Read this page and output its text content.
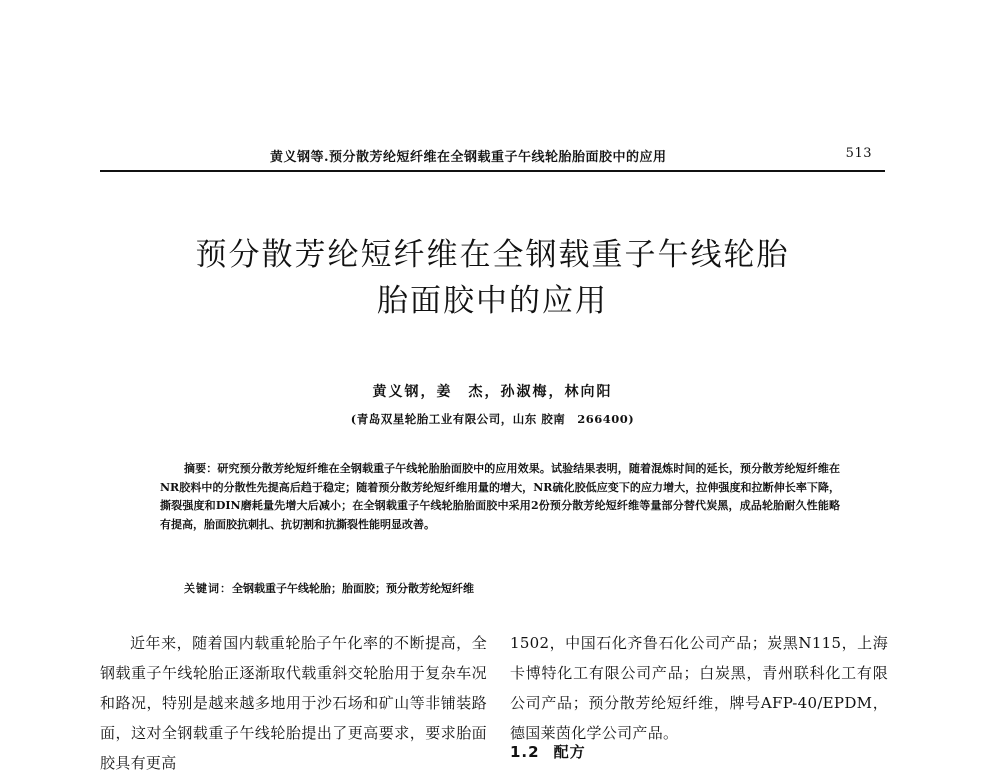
黄义钢等.预分散芳纶短纤维在全钢载重子午线轮胎胎面胶中的应用	513
预分散芳纶短纤维在全钢载重子午线轮胎
胎面胶中的应用
黄义钢，姜　杰，孙淑梅，林向阳
(青岛双星轮胎工业有限公司，山东 胶南　266400)
摘要：研究预分散芳纶短纤维在全钢载重子午线轮胎胎面胶中的应用效果。试验结果表明，随着混炼时间的延长，预分散芳纶短纤维在NR胶料中的分散性先提高后趋于稳定；随着预分散芳纶短纤维用量的增大，NR硫化胶低应变下的应力增大，拉伸强度和拉断伸长率下降，撕裂强度和DIN磨耗量先增大后减小；在全钢载重子午线轮胎胎面胶中采用2份预分散芳纶短纤维等量部分替代炭黑，成品轮胎耐久性能略有提高，胎面胶抗刺扎、抗切割和抗撕裂性能明显改善。
关键词：全钢载重子午线轮胎；胎面胶；预分散芳纶短纤维
近年来，随着国内载重轮胎子午化率的不断提高，全钢载重子午线轮胎正逐渐取代载重斜交轮胎用于复杂车况和路况，特别是越来越多地用于沙石场和矿山等非铺装路面，这对全钢载重子午线轮胎提出了更高要求，要求胎面胶具有更高
1502，中国石化齐鲁石化公司产品；炭黑N115，上海卡博特化工有限公司产品；白炭黑，青州联科化工有限公司产品；预分散芳纶短纤维，牌号AFP-40/EPDM，德国莱茵化学公司产品。
1.2 配方
